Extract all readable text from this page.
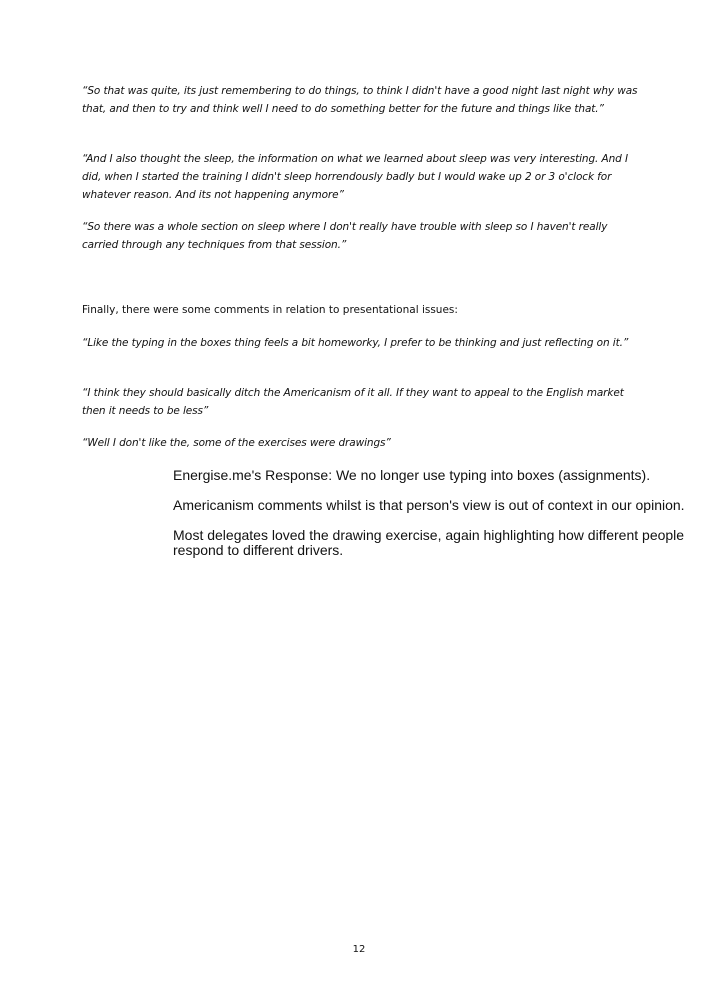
“So that was quite, its just remembering to do things, to think I didn't have a good night last night why was that, and then to try and think well I need to do something better for the future and things like that.”

“And I also thought the sleep, the information on what we learned about sleep was very interesting. And I did, when I started the training I didn't sleep horrendously badly but I would wake up 2 or 3 o'clock for whatever reason. And its not happening anymore”

“So there was a whole section on sleep where I don't really have trouble with sleep so I haven't really carried through any techniques from that session.”

Finally, there were some comments in relation to presentational issues:

“Like the typing in the boxes thing feels a bit homeworky, I prefer to be thinking and just reflecting on it.”

“I think they should basically ditch the Americanism of it all. If they want to appeal to the English market then it needs to be less”

“Well I don't like the, some of the exercises were drawings”

Energise.me's Response: We no longer use typing into boxes (assignments).

Americanism comments whilst is that person's view is out of context in our opinion.

Most delegates loved the drawing exercise, again highlighting how different people respond to different drivers.

12
